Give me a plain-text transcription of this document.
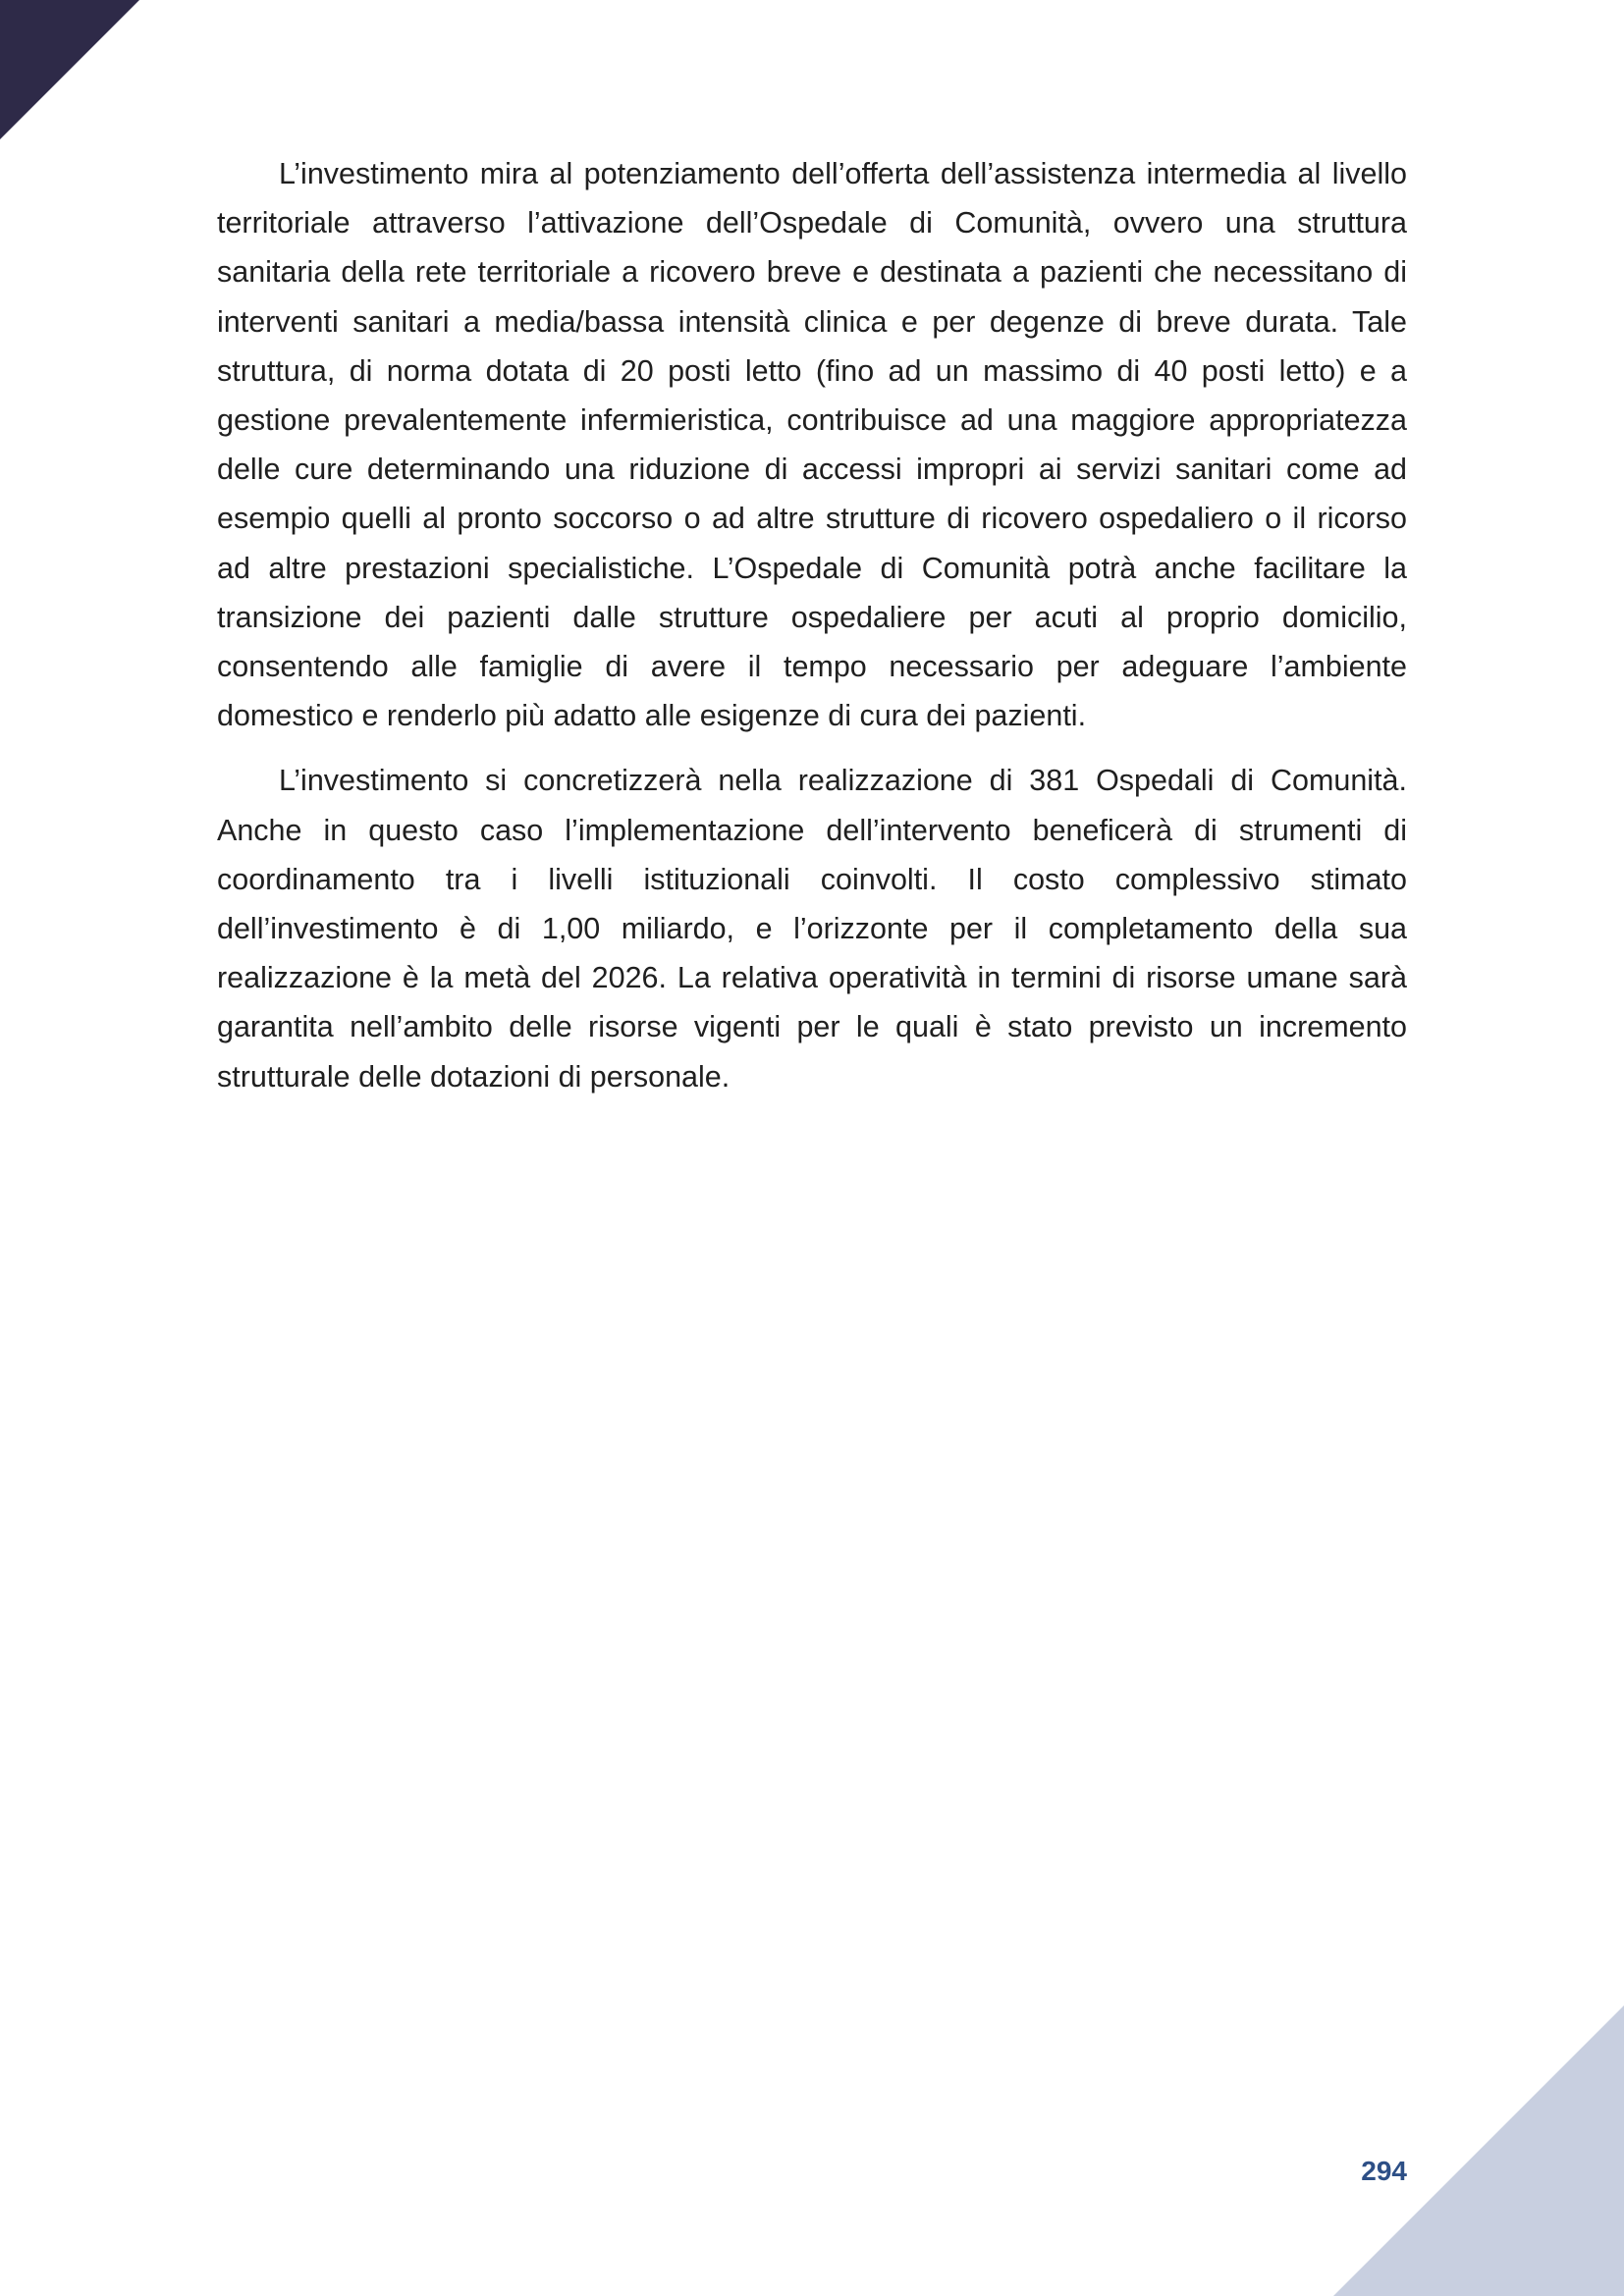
L’investimento mira al potenziamento dell’offerta dell’assistenza intermedia al livello territoriale attraverso l’attivazione dell’Ospedale di Comunità, ovvero una struttura sanitaria della rete territoriale a ricovero breve e destinata a pazienti che necessitano di interventi sanitari a media/bassa intensità clinica e per degenze di breve durata. Tale struttura, di norma dotata di 20 posti letto (fino ad un massimo di 40 posti letto) e a gestione prevalentemente infermieristica, contribuisce ad una maggiore appropriatezza delle cure determinando una riduzione di accessi impropri ai servizi sanitari come ad esempio quelli al pronto soccorso o ad altre strutture di ricovero ospedaliero o il ricorso ad altre prestazioni specialistiche. L’Ospedale di Comunità potrà anche facilitare la transizione dei pazienti dalle strutture ospedaliere per acuti al proprio domicilio, consentendo alle famiglie di avere il tempo necessario per adeguare l’ambiente domestico e renderlo più adatto alle esigenze di cura dei pazienti.

L’investimento si concretizzerà nella realizzazione di 381 Ospedali di Comunità. Anche in questo caso l’implementazione dell’intervento beneficerà di strumenti di coordinamento tra i livelli istituzionali coinvolti. Il costo complessivo stimato dell’investimento è di 1,00 miliardo, e l’orizzonte per il completamento della sua realizzazione è la metà del 2026. La relativa operatività in termini di risorse umane sarà garantita nell’ambito delle risorse vigenti per le quali è stato previsto un incremento strutturale delle dotazioni di personale.

294
